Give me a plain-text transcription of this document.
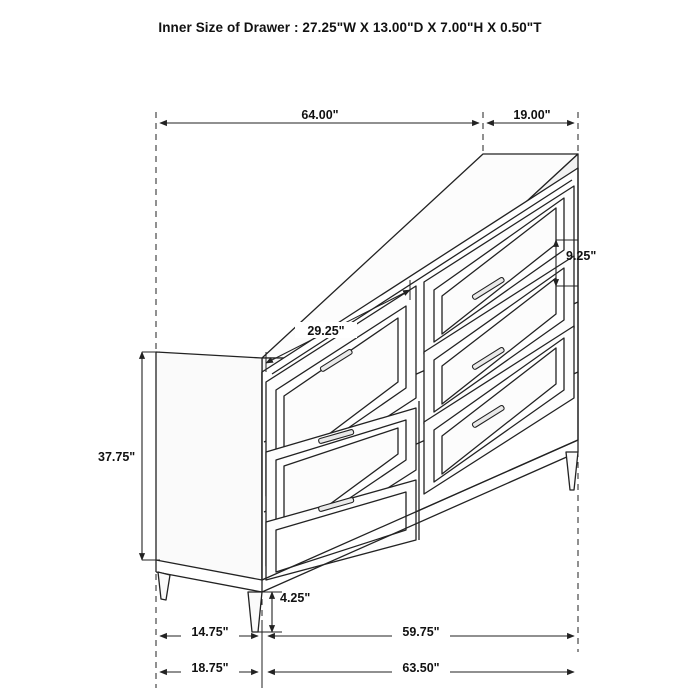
Inner Size of Drawer : 27.25"W X 13.00"D X 7.00"H X 0.50"T
64.00"	19.00"
9.25"
29.25"
37.75"
4.25"
14.75"	59.75"
18.75"	63.50"
